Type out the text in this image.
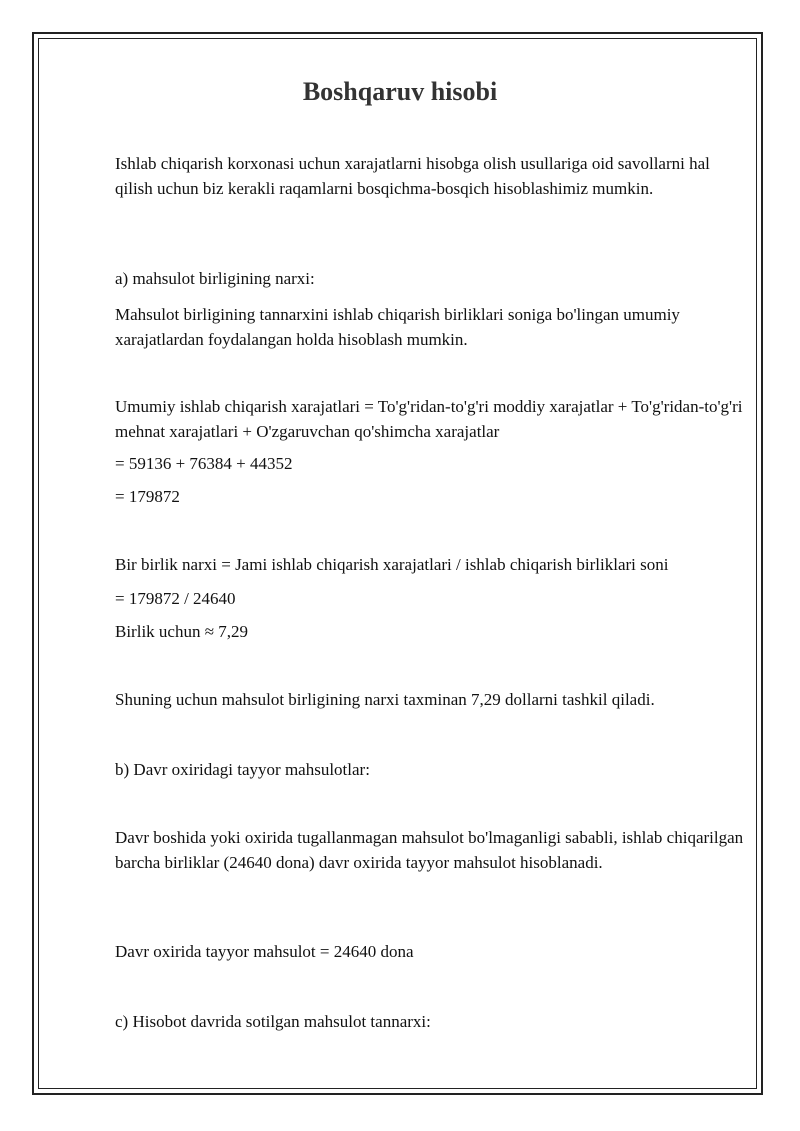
Boshqaruv hisobi

Ishlab chiqarish korxonasi uchun xarajatlarni hisobga olish usullariga oid savollarni hal qilish uchun biz kerakli raqamlarni bosqichma-bosqich hisoblashimiz mumkin.

a) mahsulot birligining narxi:

Mahsulot birligining tannarxini ishlab chiqarish birliklari soniga bo'lingan umumiy xarajatlardan foydalangan holda hisoblash mumkin.

Umumiy ishlab chiqarish xarajatlari = To'g'ridan-to'g'ri moddiy xarajatlar + To'g'ridan-to'g'ri mehnat xarajatlari + O'zgaruvchan qo'shimcha xarajatlar

= 59136 + 76384 + 44352

= 179872

Bir birlik narxi = Jami ishlab chiqarish xarajatlari / ishlab chiqarish birliklari soni

= 179872 / 24640

Birlik uchun ≈ 7,29

Shuning uchun mahsulot birligining narxi taxminan 7,29 dollarni tashkil qiladi.

b) Davr oxiridagi tayyor mahsulotlar:

Davr boshida yoki oxirida tugallanmagan mahsulot bo'lmaganligi sababli, ishlab chiqarilgan barcha birliklar (24640 dona) davr oxirida tayyor mahsulot hisoblanadi.

Davr oxirida tayyor mahsulot = 24640 dona

c) Hisobot davrida sotilgan mahsulot tannarxi:
